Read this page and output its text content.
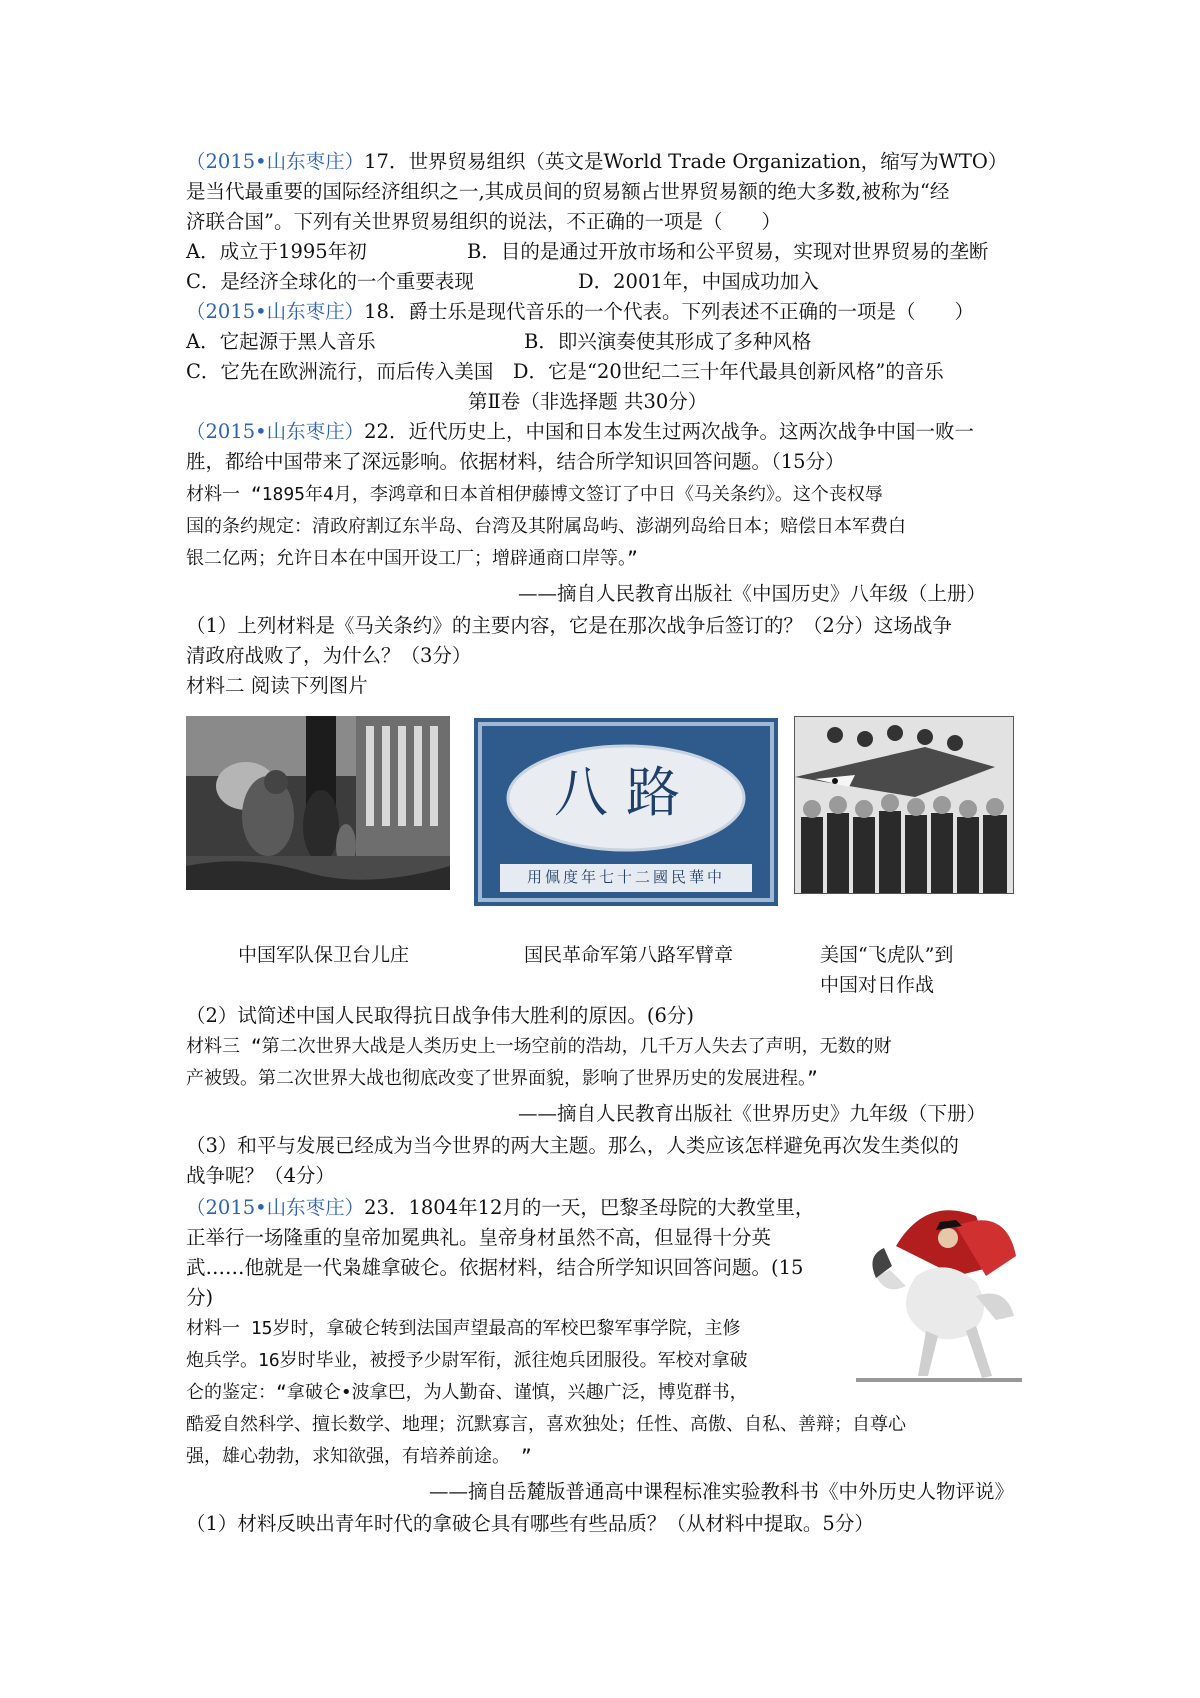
（2015•山东枣庄）17．世界贸易组织（英文是World Trade Organization，缩写为WTO）
是当代最重要的国际经济组织之一,其成员间的贸易额占世界贸易额的绝大多数,被称为“经
济联合国”。下列有关世界贸易组织的说法，不正确的一项是（　　）
A．成立于1995年初	B．目的是通过开放市场和公平贸易，实现对世界贸易的垄断
C．是经济全球化的一个重要表现	D．2001年，中国成功加入
（2015•山东枣庄）18．爵士乐是现代音乐的一个代表。下列表述不正确的一项是（　　）
A．它起源于黑人音乐	B．即兴演奏使其形成了多种风格
C．它先在欧洲流行，而后传入美国　D．它是“20世纪二三十年代最具创新风格”的音乐
第Ⅱ卷（非选择题 共30分）
（2015•山东枣庄）22．近代历史上，中国和日本发生过两次战争。这两次战争中国一败一
胜，都给中国带来了深远影响。依据材料，结合所学知识回答问题。（15分）
材料一 “1895年4月，李鸿章和日本首相伊藤博文签订了中日《马关条约》。这个丧权辱
国的条约规定：清政府割辽东半岛、台湾及其附属岛屿、澎湖列岛给日本；赔偿日本军费白
银二亿两；允许日本在中国开设工厂；增辟通商口岸等。”
——摘自人民教育出版社《中国历史》八年级（上册）
（1）上列材料是《马关条约》的主要内容，它是在那次战争后签订的？（2分）这场战争
清政府战败了，为什么？（3分）
材料二 阅读下列图片
八路
用佩度年七十二國民華中
中国军队保卫台儿庄	国民革命军第八路军臂章	美国“飞虎队”到
中国对日作战
（2）试简述中国人民取得抗日战争伟大胜利的原因。(6分)
材料三 “第二次世界大战是人类历史上一场空前的浩劫，几千万人失去了声明，无数的财
产被毁。第二次世界大战也彻底改变了世界面貌，影响了世界历史的发展进程。”
——摘自人民教育出版社《世界历史》九年级（下册）
（3）和平与发展已经成为当今世界的两大主题。那么，人类应该怎样避免再次发生类似的
战争呢？（4分）
（2015•山东枣庄）23．1804年12月的一天，巴黎圣母院的大教堂里，
正举行一场隆重的皇帝加冕典礼。皇帝身材虽然不高，但显得十分英
武……他就是一代枭雄拿破仑。依据材料，结合所学知识回答问题。(15
分)
材料一 15岁时，拿破仑转到法国声望最高的军校巴黎军事学院，主修
炮兵学。16岁时毕业，被授予少尉军衔，派往炮兵团服役。军校对拿破
仑的鉴定：“拿破仑•波拿巴，为人勤奋、谨慎，兴趣广泛，博览群书，
酷爱自然科学、擅长数学、地理；沉默寡言，喜欢独处；任性、高傲、自私、善辩；自尊心
强，雄心勃勃，求知欲强，有培养前途。 ”
——摘自岳麓版普通高中课程标准实验教科书《中外历史人物评说》
（1）材料反映出青年时代的拿破仑具有哪些有些品质？（从材料中提取。5分）
